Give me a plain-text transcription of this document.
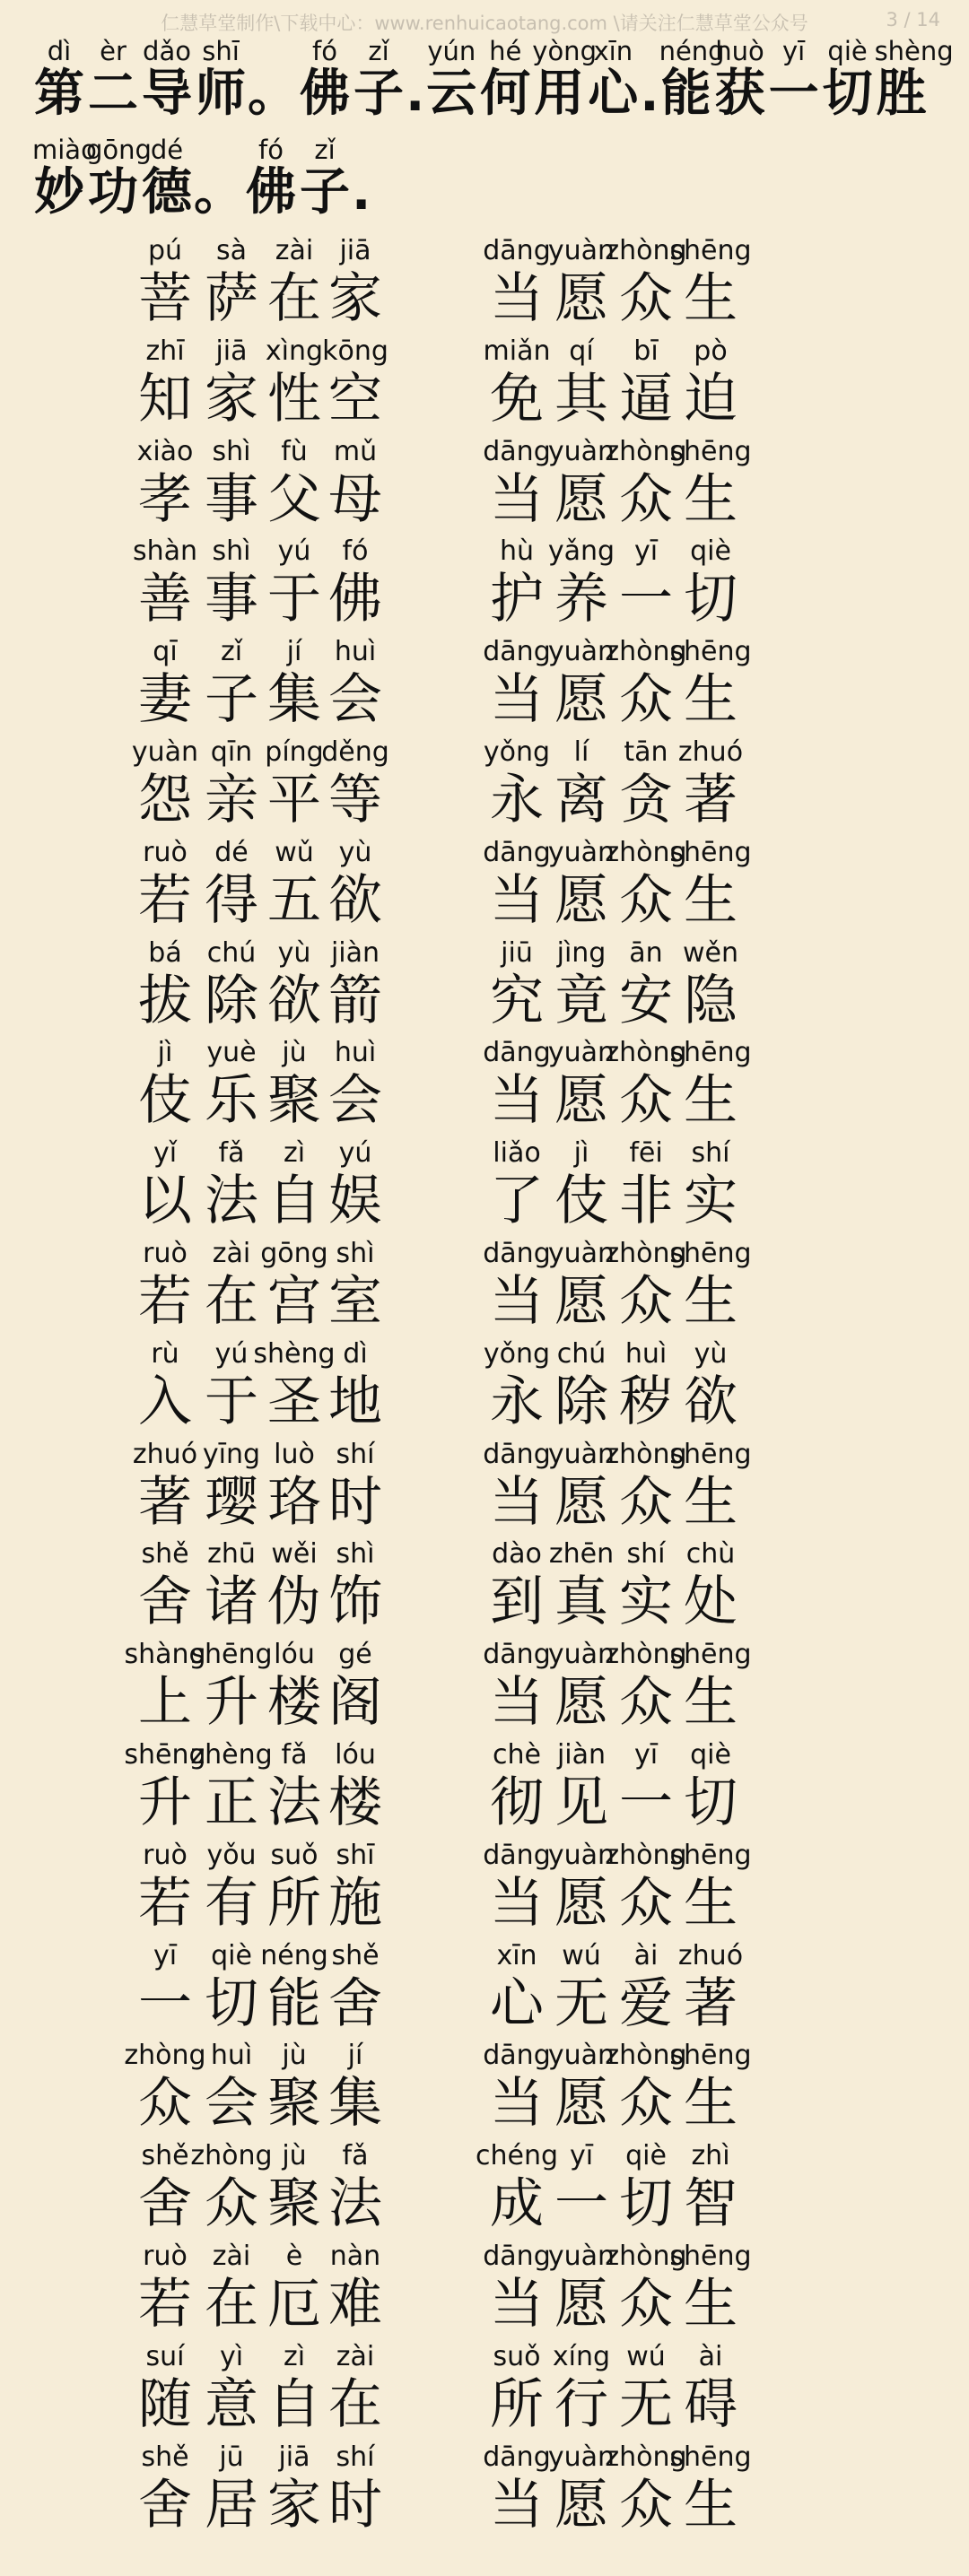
仁慧草堂制作\下载中心：www.renhuicaotang.com \请关注仁慧草堂公众号	3 / 14
dì
第
èr
二
dǎo
导
shī
师 。
fó
佛
zǐ
子 .
yún
云
hé
何
yòng
用
xīn
心 .
néng
能
huò
获
yī
一
qiè
切
shèng
胜
miào
妙
gōng
功
dé
德 。
fó
佛
zǐ
子 .
pú
菩
sà
萨
zài
在
jiā
家
dāng
当
yuàn
愿
zhòng
众
shēng
生
zhī
知
jiā
家
xìng
性
kōng
空
miǎn
免
qí
其
bī
逼
pò
迫
xiào
孝
shì
事
fù
父
mǔ
母
dāng
当
yuàn
愿
zhòng
众
shēng
生
shàn
善
shì
事
yú
于
fó
佛
hù
护
yǎng
养
yī
一
qiè
切
qī
妻
zǐ
子
jí
集
huì
会
dāng
当
yuàn
愿
zhòng
众
shēng
生
yuàn
怨
qīn
亲
píng
平
děng
等
yǒng
永
lí
离
tān
贪
zhuó
著
ruò
若
dé
得
wǔ
五
yù
欲
dāng
当
yuàn
愿
zhòng
众
shēng
生
bá
拔
chú
除
yù
欲
jiàn
箭
jiū
究
jìng
竟
ān
安
wěn
隐
jì
伎
yuè
乐
jù
聚
huì
会
dāng
当
yuàn
愿
zhòng
众
shēng
生
yǐ
以
fǎ
法
zì
自
yú
娱
liǎo
了
jì
伎
fēi
非
shí
实
ruò
若
zài
在
gōng
宫
shì
室
dāng
当
yuàn
愿
zhòng
众
shēng
生
rù
入
yú
于
shèng
圣
dì
地
yǒng
永
chú
除
huì
秽
yù
欲
zhuó
著
yīng
璎
luò
珞
shí
时
dāng
当
yuàn
愿
zhòng
众
shēng
生
shě
舍
zhū
诸
wěi
伪
shì
饰
dào
到
zhēn
真
shí
实
chù
处
shàng
上
shēng
升
lóu
楼
gé
阁
dāng
当
yuàn
愿
zhòng
众
shēng
生
shēng
升
zhèng
正
fǎ
法
lóu
楼
chè
彻
jiàn
见
yī
一
qiè
切
ruò
若
yǒu
有
suǒ
所
shī
施
dāng
当
yuàn
愿
zhòng
众
shēng
生
yī
一
qiè
切
néng
能
shě
舍
xīn
心
wú
无
ài
爱
zhuó
著
zhòng
众
huì
会
jù
聚
jí
集
dāng
当
yuàn
愿
zhòng
众
shēng
生
shě
舍
zhòng
众
jù
聚
fǎ
法
chéng
成
yī
一
qiè
切
zhì
智
ruò
若
zài
在
è
厄
nàn
难
dāng
当
yuàn
愿
zhòng
众
shēng
生
suí
随
yì
意
zì
自
zài
在
suǒ
所
xíng
行
wú
无
ài
碍
shě
舍
jū
居
jiā
家
shí
时
dāng
当
yuàn
愿
zhòng
众
shēng
生
